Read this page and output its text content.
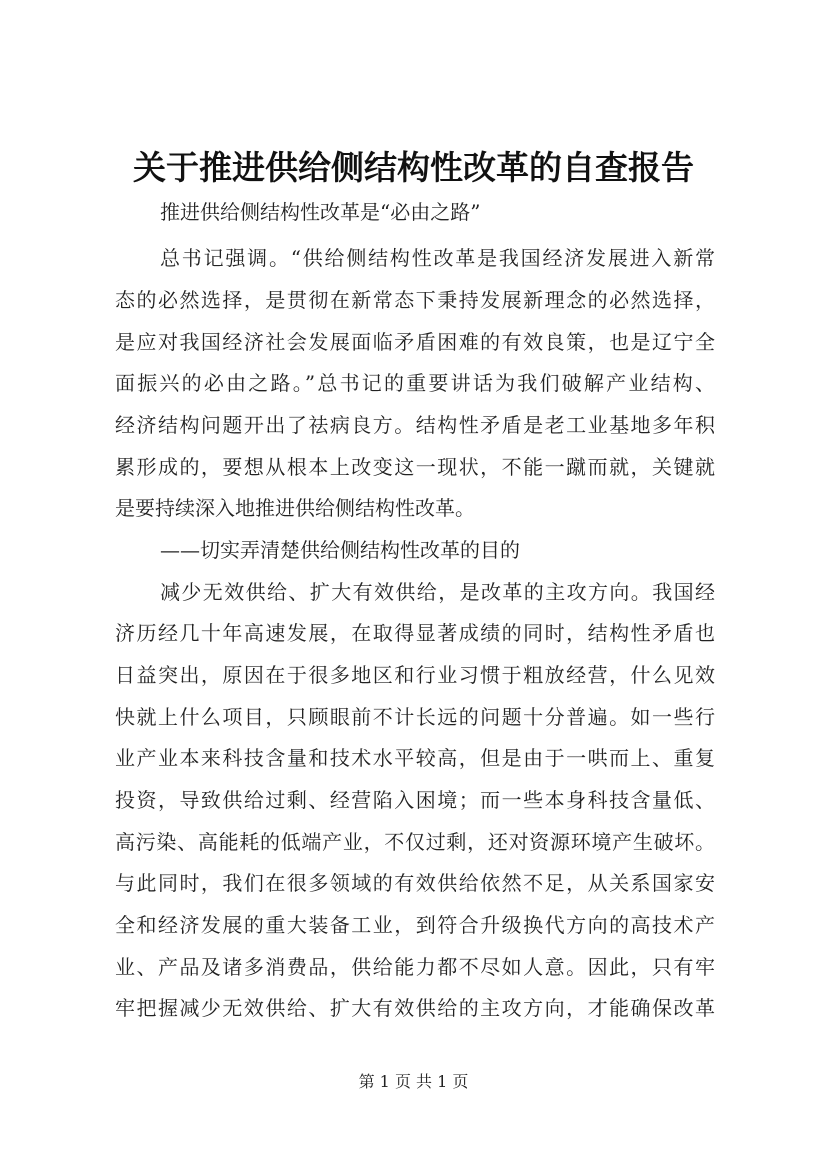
关于推进供给侧结构性改革的自查报告
推进供给侧结构性改革是“必由之路”
总书记强调。“供给侧结构性改革是我国经济发展进入新常
态的必然选择，是贯彻在新常态下秉持发展新理念的必然选择，
是应对我国经济社会发展面临矛盾困难的有效良策，也是辽宁全
面振兴的必由之路。”总书记的重要讲话为我们破解产业结构、
经济结构问题开出了祛病良方。结构性矛盾是老工业基地多年积
累形成的，要想从根本上改变这一现状，不能一蹴而就，关键就
是要持续深入地推进供给侧结构性改革。
——切实弄清楚供给侧结构性改革的目的
减少无效供给、扩大有效供给，是改革的主攻方向。我国经
济历经几十年高速发展，在取得显著成绩的同时，结构性矛盾也
日益突出，原因在于很多地区和行业习惯于粗放经营，什么见效
快就上什么项目，只顾眼前不计长远的问题十分普遍。如一些行
业产业本来科技含量和技术水平较高，但是由于一哄而上、重复
投资，导致供给过剩、经营陷入困境；而一些本身科技含量低、
高污染、高能耗的低端产业，不仅过剩，还对资源环境产生破坏。
与此同时，我们在很多领域的有效供给依然不足，从关系国家安
全和经济发展的重大装备工业，到符合升级换代方向的高技术产
业、产品及诸多消费品，供给能力都不尽如人意。因此，只有牢
牢把握减少无效供给、扩大有效供给的主攻方向，才能确保改革
第 1 页 共 1 页
